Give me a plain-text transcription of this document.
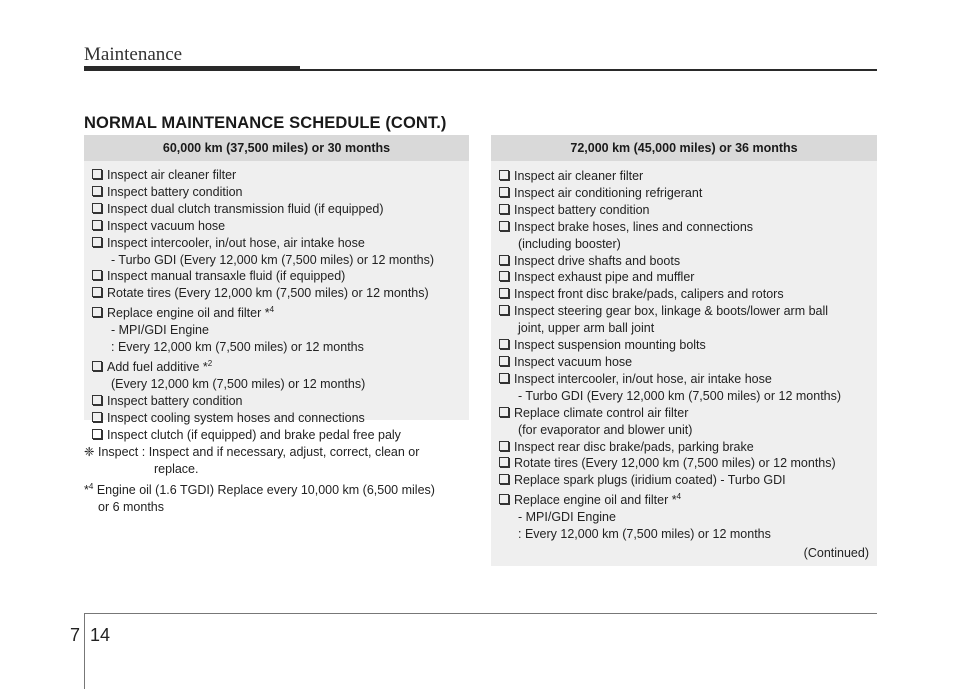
Maintenance
NORMAL MAINTENANCE SCHEDULE (CONT.)
60,000 km (37,500 miles) or 30 months
Inspect air cleaner filter
Inspect battery condition
Inspect dual clutch transmission fluid (if equipped)
Inspect vacuum hose
Inspect intercooler, in/out hose, air intake hose
- Turbo GDI (Every 12,000 km (7,500 miles) or 12 months)
Inspect manual transaxle fluid (if equipped)
Rotate tires (Every 12,000 km (7,500 miles) or 12 months)
Replace engine oil and filter *$^4$
- MPI/GDI Engine
: Every 12,000 km (7,500 miles) or 12 months
Add fuel additive *$^2$
(Every 12,000 km (7,500 miles) or 12 months)
Inspect battery condition
Inspect cooling system hoses and connections
Inspect clutch (if equipped) and brake pedal free paly
72,000 km (45,000 miles) or 36 months
Inspect air cleaner filter
Inspect air conditioning refrigerant
Inspect battery condition
Inspect brake hoses, lines and connections
(including booster)
Inspect drive shafts and boots
Inspect exhaust pipe and muffler
Inspect front disc brake/pads, calipers and rotors
Inspect steering gear box, linkage & boots/lower arm ball
joint, upper arm ball joint
Inspect suspension mounting bolts
Inspect vacuum hose
Inspect intercooler, in/out hose, air intake hose
- Turbo GDI (Every 12,000 km (7,500 miles) or 12 months)
Replace climate control air filter
(for evaporator and blower unit)
Inspect rear disc brake/pads, parking brake
Rotate tires (Every 12,000 km (7,500 miles) or 12 months)
Replace spark plugs (iridium coated) - Turbo GDI
Replace engine oil and filter *$^4$
- MPI/GDI Engine
: Every 12,000 km (7,500 miles) or 12 months
(Continued)
❈ Inspect : Inspect and if necessary, adjust, correct, clean or
replace.
*$^4$ Engine oil (1.6 TGDI) Replace every 10,000 km (6,500 miles)
or 6 months
7 14
